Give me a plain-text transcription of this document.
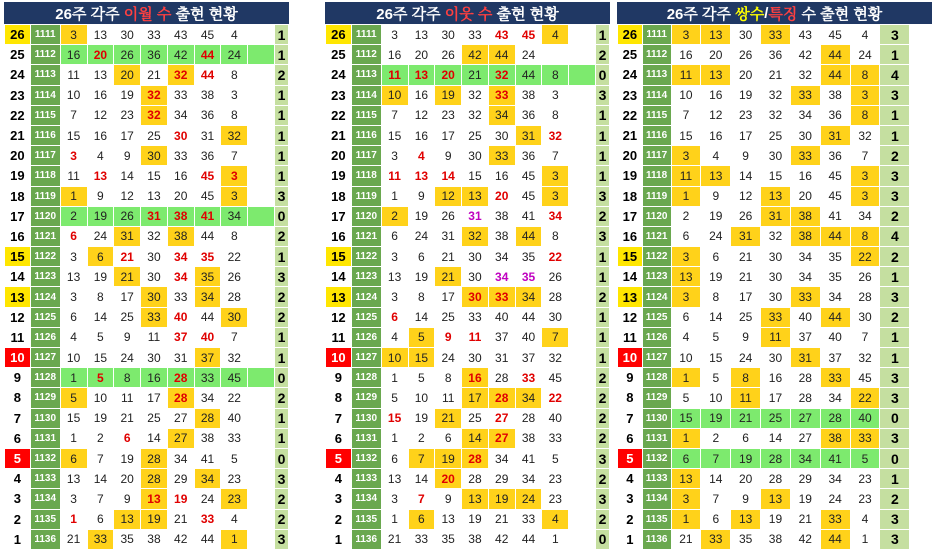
26주 각주 이월 수 출현 현황
26	1111	3	13	30	33	43	45	4		1
25	1112	16	20	26	36	42	44	24		1
24	1113	11	13	20	21	32	44	8		2
23	1114	10	16	19	32	33	38	3		1
22	1115	7	12	23	32	34	36	8		1
21	1116	15	16	17	25	30	31	32		1
20	1117	3	4	9	30	33	36	7		1
19	1118	11	13	14	15	16	45	3		1
18	1119	1	9	12	13	20	45	3		3
17	1120	2	19	26	31	38	41	34		0
16	1121	6	24	31	32	38	44	8		2
15	1122	3	6	21	30	34	35	22		1
14	1123	13	19	21	30	34	35	26		3
13	1124	3	8	17	30	33	34	28		2
12	1125	6	14	25	33	40	44	30		2
11	1126	4	5	9	11	37	40	7		1
10	1127	10	15	24	30	31	37	32		1
9	1128	1	5	8	16	28	33	45		0
8	1129	5	10	11	17	28	34	22		2
7	1130	15	19	21	25	27	28	40		1
6	1131	1	2	6	14	27	38	33		1
5	1132	6	7	19	28	34	41	5		0
4	1133	13	14	20	28	29	34	23		3
3	1134	3	7	9	13	19	24	23		2
2	1135	1	6	13	19	21	33	4		2
1	1136	21	33	35	38	42	44	1		3
26주 각주 이웃 수 출현 현황
26	1111	3	13	30	33	43	45	4		1
25	1112	16	20	26	42	44	24			2
24	1113	11	13	20	21	32	44	8		0
23	1114	10	16	19	32	33	38	3		3
22	1115	7	12	23	32	34	36	8		1
21	1116	15	16	17	25	30	31	32		1
20	1117	3	4	9	30	33	36	7		1
19	1118	11	13	14	15	16	45	3		1
18	1119	1	9	12	13	20	45	3		3
17	1120	2	19	26	31	38	41	34		2
16	1121	6	24	31	32	38	44	8		3
15	1122	3	6	21	30	34	35	22		1
14	1123	13	19	21	30	34	35	26		1
13	1124	3	8	17	30	33	34	28		2
12	1125	6	14	25	33	40	44	30		1
11	1126	4	5	9	11	37	40	7		1
10	1127	10	15	24	30	31	37	32		1
9	1128	1	5	8	16	28	33	45		2
8	1129	5	10	11	17	28	34	22		2
7	1130	15	19	21	25	27	28	40		2
6	1131	1	2	6	14	27	38	33		2
5	1132	6	7	19	28	34	41	5		3
4	1133	13	14	20	28	29	34	23		2
3	1134	3	7	9	13	19	24	23		3
2	1135	1	6	13	19	21	33	4		2
1	1136	21	33	35	38	42	44	1		0
26주 각주 쌍수 / 특징 수 출현 현황
26	1111	3	13	30	33	43	45	4	3
25	1112	16	20	26	36	42	44	24	1
24	1113	11	13	20	21	32	44	8	4
23	1114	10	16	19	32	33	38	3	3
22	1115	7	12	23	32	34	36	8	1
21	1116	15	16	17	25	30	31	32	1
20	1117	3	4	9	30	33	36	7	2
19	1118	11	13	14	15	16	45	3	3
18	1119	1	9	12	13	20	45	3	3
17	1120	2	19	26	31	38	41	34	2
16	1121	6	24	31	32	38	44	8	4
15	1122	3	6	21	30	34	35	22	2
14	1123	13	19	21	30	34	35	26	1
13	1124	3	8	17	30	33	34	28	3
12	1125	6	14	25	33	40	44	30	2
11	1126	4	5	9	11	37	40	7	1
10	1127	10	15	24	30	31	37	32	1
9	1128	1	5	8	16	28	33	45	3
8	1129	5	10	11	17	28	34	22	3
7	1130	15	19	21	25	27	28	40	0
6	1131	1	2	6	14	27	38	33	3
5	1132	6	7	19	28	34	41	5	0
4	1133	13	14	20	28	29	34	23	1
3	1134	3	7	9	13	19	24	23	2
2	1135	1	6	13	19	21	33	4	3
1	1136	21	33	35	38	42	44	1	3
